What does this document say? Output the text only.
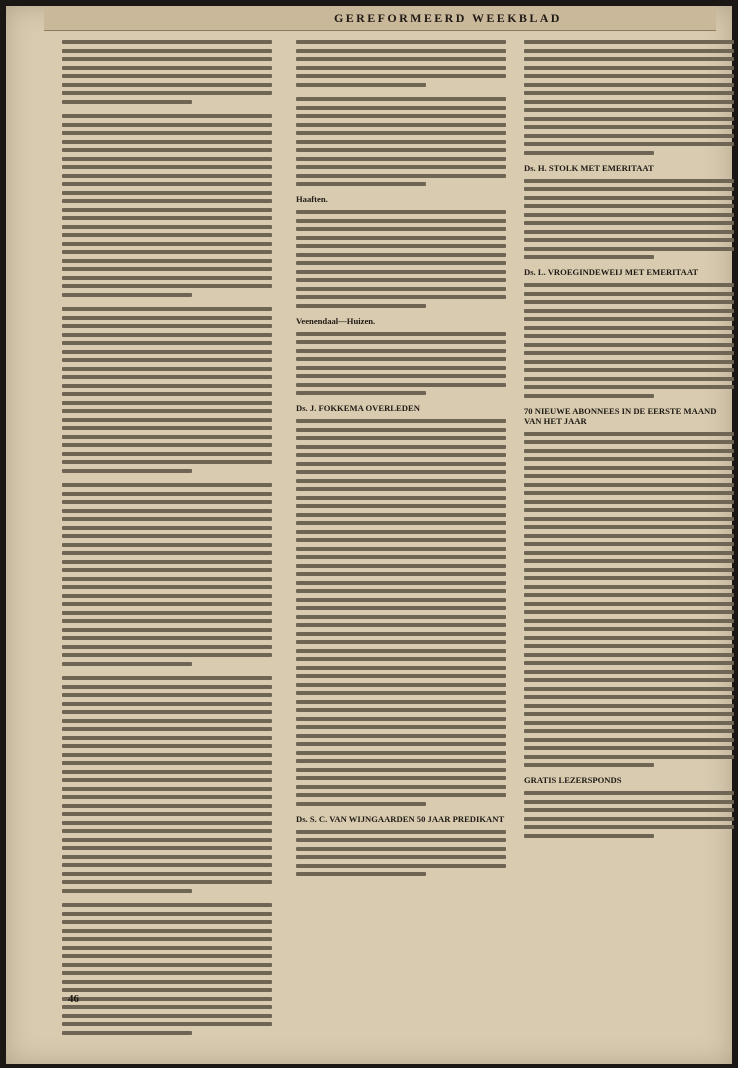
GEREFORMEERD WEEKBLAD

Haaften.

Veenendaal—Huizen.

Ds. J. FOKKEMA OVERLEDEN

Ds. S. C. VAN WIJNGAARDEN 50 JAAR PREDIKANT

Ds. H. STOLK MET EMERITAAT

Ds. L. VROEGINDEWEIJ MET EMERITAAT

70 NIEUWE ABONNEES IN DE EERSTE MAAND VAN HET JAAR

GRATIS LEZERSPONDS

46
